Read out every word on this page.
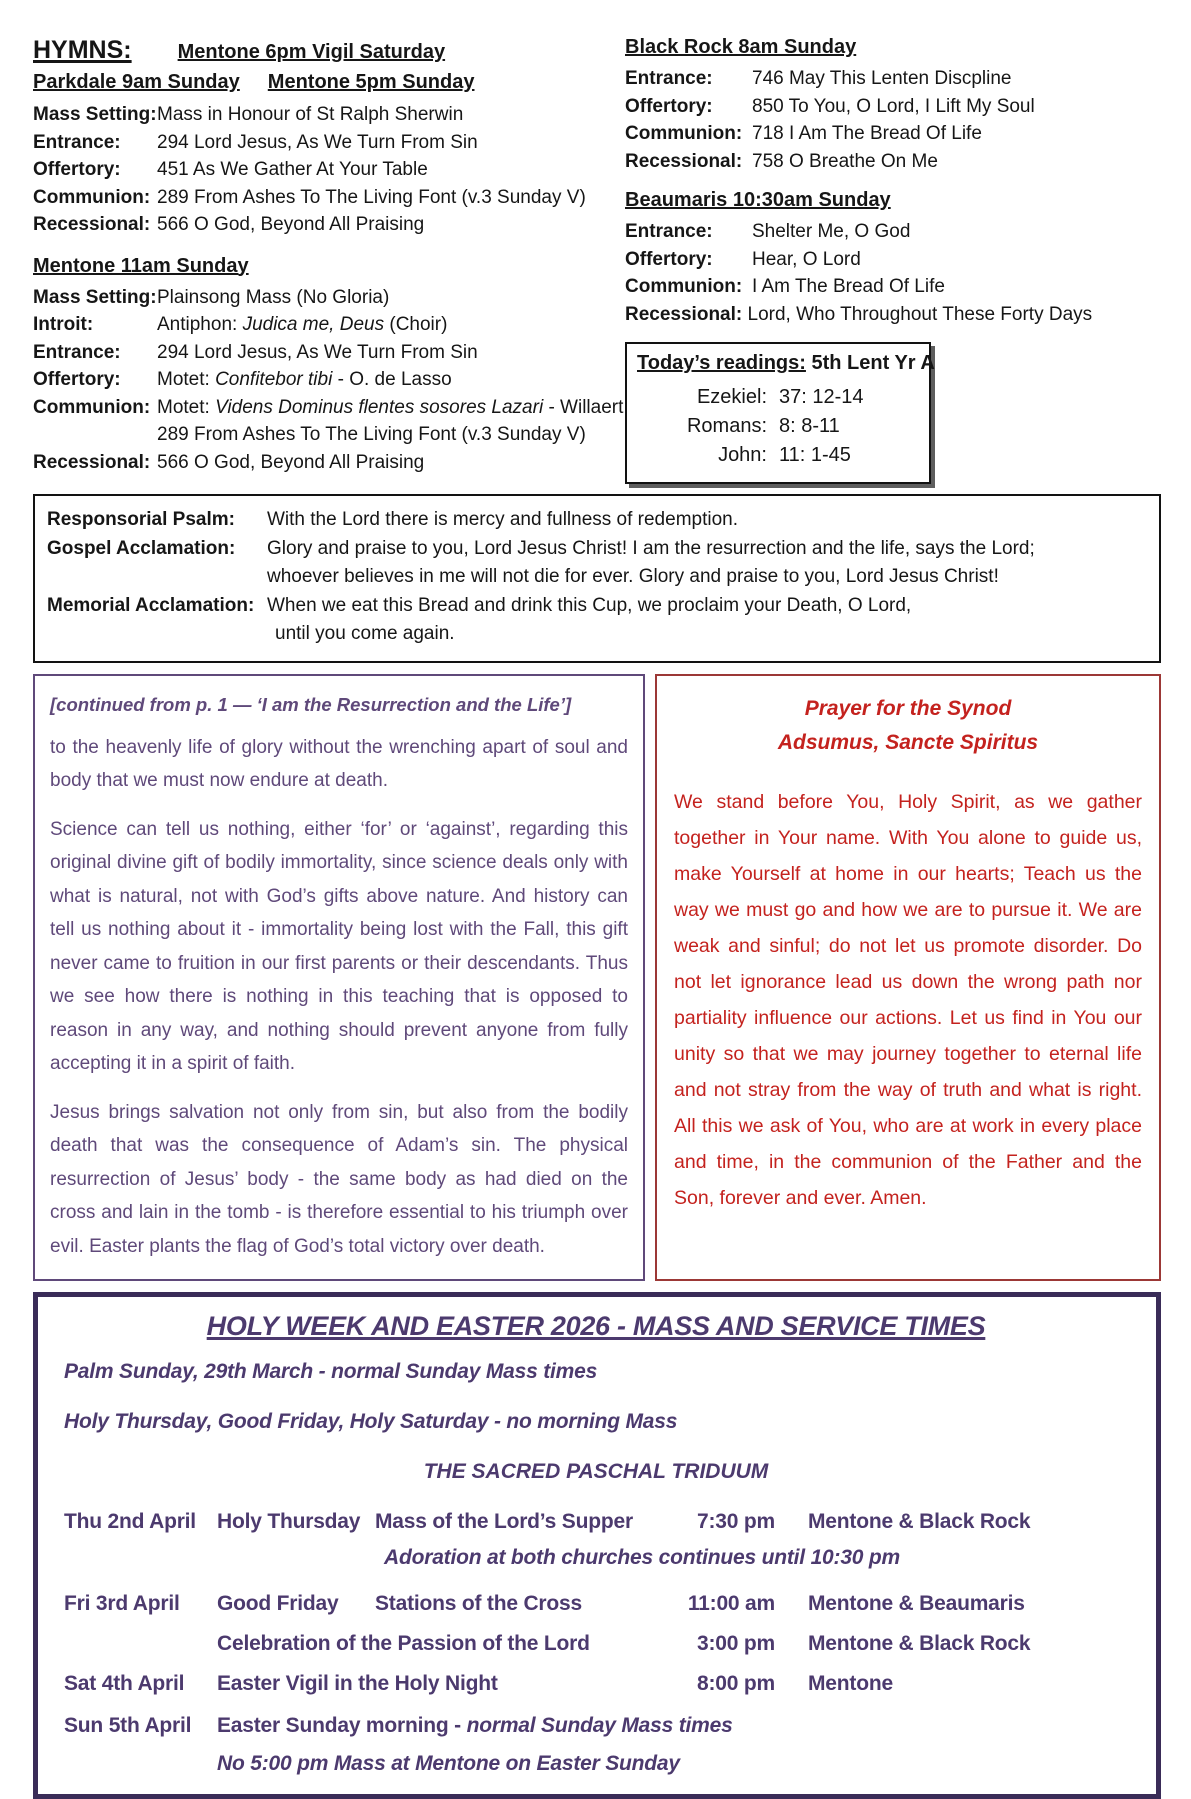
HYMNS: Mentone 6pm Vigil Saturday
Parkdale 9am Sunday Mentone 5pm Sunday
Mass Setting: Mass in Honour of St Ralph Sherwin
Entrance:	294 Lord Jesus, As We Turn From Sin
Offertory:	451 As We Gather At Your Table
Communion: 289 From Ashes To The Living Font (v.3 Sunday V)
Recessional: 566 O God, Beyond All Praising
Mentone 11am Sunday
Mass Setting: Plainsong Mass (No Gloria)
Introit:	Antiphon: Judica me, Deus (Choir)
Entrance:	294 Lord Jesus, As We Turn From Sin
Offertory:	Motet: Confitebor tibi - O. de Lasso
Communion: Motet: Videns Dominus flentes sosores Lazari - Willaert
289 From Ashes To The Living Font (v.3 Sunday V)
Recessional: 566 O God, Beyond All Praising
Black Rock 8am Sunday
Entrance:	746 May This Lenten Discpline
Offertory:	850 To You, O Lord, I Lift My Soul
Communion: 718 I Am The Bread Of Life
Recessional: 758 O Breathe On Me
Beaumaris 10:30am Sunday
Entrance:	Shelter Me, O God
Offertory:	Hear, O Lord
Communion: I Am The Bread Of Life
Recessional: Lord, Who Throughout These Forty Days
Today’s readings: 5th Lent Yr A
Ezekiel: 37: 12-14
Romans: 8: 8-11
John: 11: 1-45
Responsorial Psalm:	With the Lord there is mercy and fullness of redemption.
Gospel Acclamation:	Glory and praise to you, Lord Jesus Christ! I am the resurrection and the life, says the Lord;
whoever believes in me will not die for ever. Glory and praise to you, Lord Jesus Christ!
Memorial Acclamation: When we eat this Bread and drink this Cup, we proclaim your Death, O Lord,
until you come again.
[continued from p. 1 — ‘I am the Resurrection and the Life’]

to the heavenly life of glory without the wrenching apart of soul and body that we must now endure at death.

Science can tell us nothing, either ‘for’ or ‘against’, regarding this original divine gift of bodily immortality, since science deals only with what is natural, not with God’s gifts above nature. And history can tell us nothing about it - immortality being lost with the Fall, this gift never came to fruition in our first parents or their descendants. Thus we see how there is nothing in this teaching that is opposed to reason in any way, and nothing should prevent anyone from fully accepting it in a spirit of faith.

Jesus brings salvation not only from sin, but also from the bodily death that was the consequence of Adam’s sin. The physical resurrection of Jesus’ body - the same body as had died on the cross and lain in the tomb - is therefore essential to his triumph over evil. Easter plants the flag of God’s total victory over death.

Prayer for the Synod
Adsumus, Sancte Spiritus

We stand before You, Holy Spirit, as we gather together in Your name. With You alone to guide us, make Yourself at home in our hearts; Teach us the way we must go and how we are to pursue it. We are weak and sinful; do not let us promote disorder. Do not let ignorance lead us down the wrong path nor partiality influence our actions. Let us find in You our unity so that we may journey together to eternal life and not stray from the way of truth and what is right. All this we ask of You, who are at work in every place and time, in the communion of the Father and the Son, forever and ever. Amen.

HOLY WEEK AND EASTER 2026 - MASS AND SERVICE TIMES
Palm Sunday, 29th March - normal Sunday Mass times
Holy Thursday, Good Friday, Holy Saturday - no morning Mass
THE SACRED PASCHAL TRIDUUM
Thu 2nd April	Holy Thursday Mass of the Lord’s Supper	7:30 pm Mentone & Black Rock
Adoration at both churches continues until 10:30 pm
Fri 3rd April	Good Friday	Stations of the Cross	11:00 am Mentone & Beaumaris
Celebration of the Passion of the Lord	3:00 pm Mentone & Black Rock
Sat 4th April	Easter Vigil in the Holy Night	8:00 pm Mentone
Sun 5th April	Easter Sunday morning - normal Sunday Mass times
No 5:00 pm Mass at Mentone on Easter Sunday
